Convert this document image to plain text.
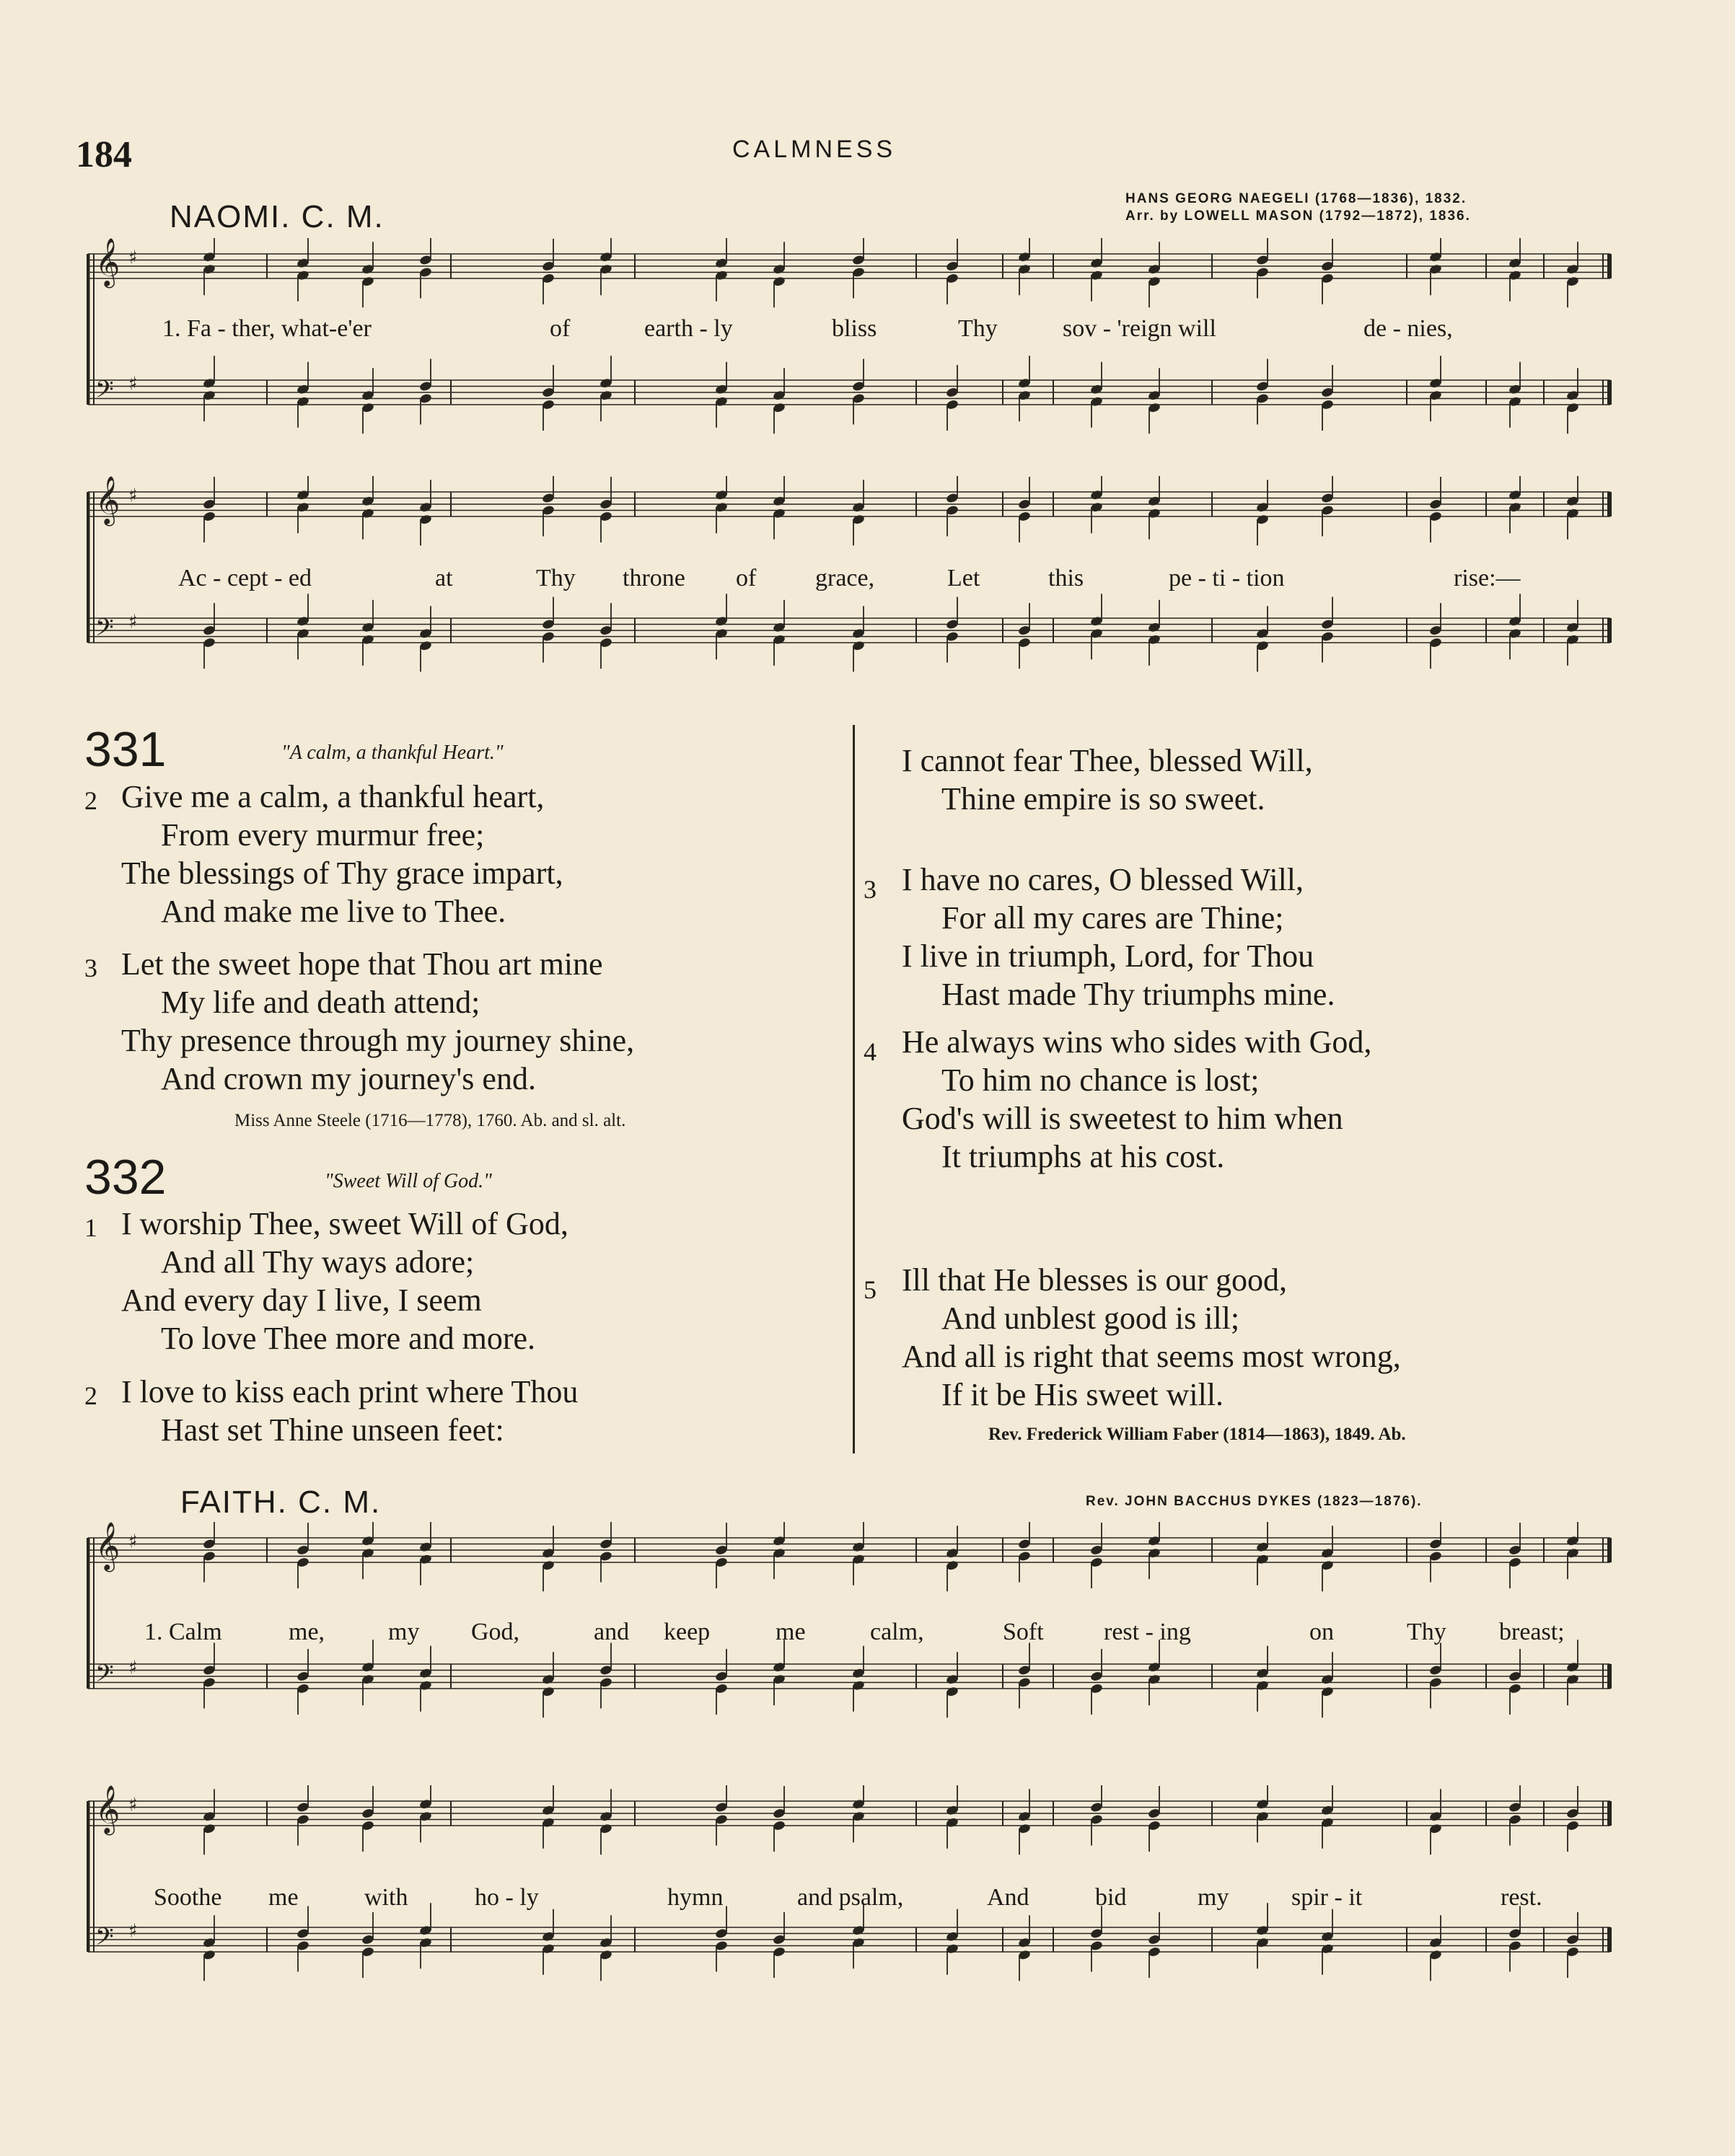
184	CALMNESS
NAOMI. C. M.
HANS GEORG NAEGELI (1768—1836), 1832.
Arr. by LOWELL MASON (1792—1872), 1836.
𝄞 ♯
𝄢 ♯
1. Fa - ther, what-e'er	of	earth - ly	bliss	Thy	sov - 'reign will	de - nies,
𝄞 ♯
𝄢 ♯
Ac - cept - ed	at	Thy throne of grace,	Let	this	pe - ti - tion	rise:—
331	"A calm, a thankful Heart."
2 Give me a calm, a thankful heart,
From every murmur free;
The blessings of Thy grace impart,
And make me live to Thee.
3 Let the sweet hope that Thou art mine
My life and death attend;
Thy presence through my journey shine,
And crown my journey's end.
Miss Anne Steele (1716—1778), 1760. Ab. and sl. alt.
332	"Sweet Will of God."
1 I worship Thee, sweet Will of God,
And all Thy ways adore;
And every day I live, I seem
To love Thee more and more.
2 I love to kiss each print where Thou
Hast set Thine unseen feet:
I cannot fear Thee, blessed Will,
Thine empire is so sweet.
3 I have no cares, O blessed Will,
For all my cares are Thine;
I live in triumph, Lord, for Thou
Hast made Thy triumphs mine.
4 He always wins who sides with God,
To him no chance is lost;
God's will is sweetest to him when
It triumphs at his cost.
5 Ill that He blesses is our good,
And unblest good is ill;
And all is right that seems most wrong,
If it be His sweet will.
Rev. Frederick William Faber (1814—1863), 1849. Ab.
FAITH. C. M.	Rev. JOHN BACCHUS DYKES (1823—1876).
𝄞 ♯
𝄢 ♯
1. Calm	me,	my God,	and keep	me	calm,	Soft rest - ing	on	Thy breast;
𝄞 ♯
𝄢 ♯
Soothe me	with	ho - ly	hymn	and psalm,	And	bid	my	spir - it	rest.
